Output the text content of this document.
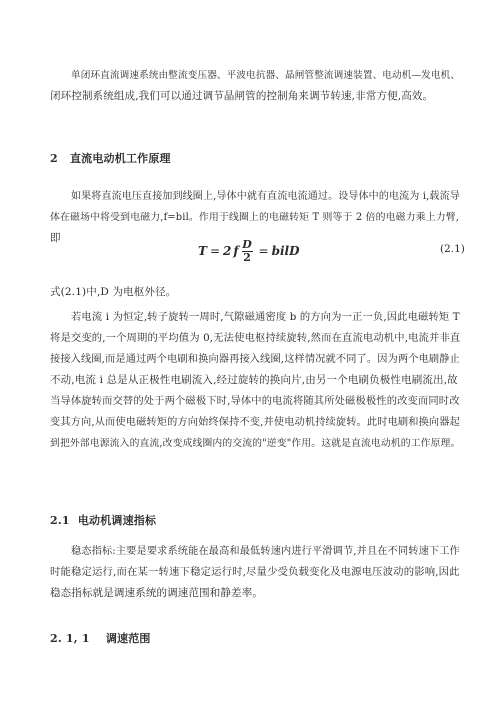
单闭环直流调速系统由整流变压器、平波电抗器、晶闸管整流调速装置、电动机—发电机、
闭环控制系统组成,我们可以通过调节晶闸管的控制角来调节转速,非常方便,高效。

2 直流电动机工作原理

如果将直流电压直接加到线圈上,导体中就有直流电流通过。设导体中的电流为 i,载流导
体在磁场中将受到电磁力,f=bil。作用于线圈上的电磁转矩 T 则等于 2 倍的电磁力乘上力臂,
即

T = 2 f $\frac{D}{2}$ = bilD	(2.1)

式(2.1)中,D 为电枢外径。

若电流 i 为恒定,转子旋转一周时,气隙磁通密度 b 的方向为一正一负,因此电磁转矩 T
将是交变的,一个周期的平均值为 0,无法使电枢持续旋转,然而在直流电动机中,电流并非直
接接入线圈,而是通过两个电刷和换向器再接入线圈,这样情况就不同了。因为两个电刷静止
不动,电流 i 总是从正极性电刷流入,经过旋转的换向片,由另一个电刷负极性电刷流出,故
当导体旋转而交替的处于两个磁极下时,导体中的电流将随其所处磁极极性的改变而同时改
变其方向,从而使电磁转矩的方向始终保持不变,并使电动机持续旋转。此时电刷和换向器起
到把外部电源流入的直流,改变成线圈内的交流的"逆变"作用。这就是直流电动机的工作原理。

2.1 电动机调速指标

稳态指标:主要是要求系统能在最高和最低转速内进行平滑调节,并且在不同转速下工作
时能稳定运行,而在某一转速下稳定运行时,尽量少受负载变化及电源电压波动的影响,因此
稳态指标就是调速系统的调速范围和静差率。

2. 1, 1 调速范围
